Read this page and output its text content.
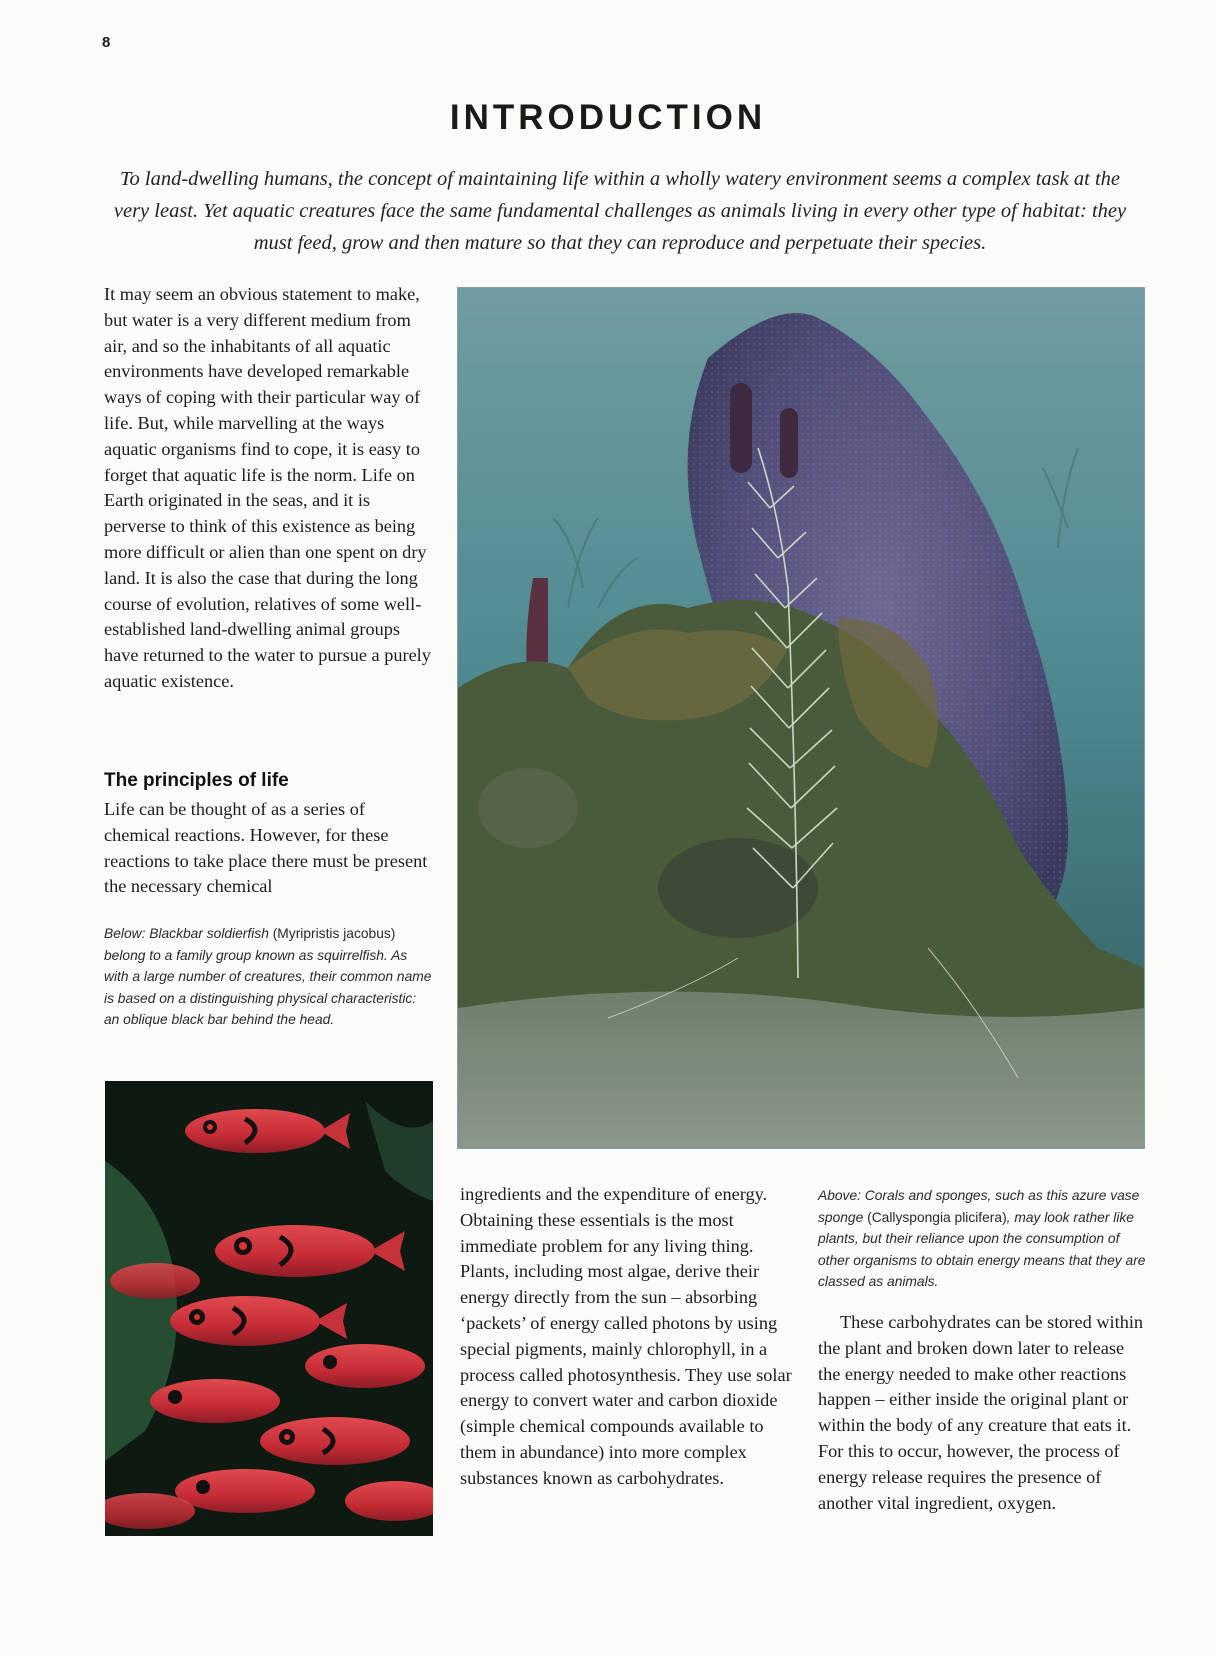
8
INTRODUCTION
To land-dwelling humans, the concept of maintaining life within a wholly watery environment seems a complex task at the very least. Yet aquatic creatures face the same fundamental challenges as animals living in every other type of habitat: they must feed, grow and then mature so that they can reproduce and perpetuate their species.
It may seem an obvious statement to make, but water is a very different medium from air, and so the inhabitants of all aquatic environments have developed remarkable ways of coping with their particular way of life. But, while marvelling at the ways aquatic organisms find to cope, it is easy to forget that aquatic life is the norm. Life on Earth originated in the seas, and it is perverse to think of this existence as being more difficult or alien than one spent on dry land. It is also the case that during the long course of evolution, relatives of some well-established land-dwelling animal groups have returned to the water to pursue a purely aquatic existence.
The principles of life
Life can be thought of as a series of chemical reactions. However, for these reactions to take place there must be present the necessary chemical
Below: Blackbar soldierfish (Myripristis jacobus) belong to a family group known as squirrelfish. As with a large number of creatures, their common name is based on a distinguishing physical characteristic: an oblique black bar behind the head.
ingredients and the expenditure of energy. Obtaining these essentials is the most immediate problem for any living thing. Plants, including most algae, derive their energy directly from the sun – absorbing ‘packets’ of energy called photons by using special pigments, mainly chlorophyll, in a process called photosynthesis. They use solar energy to convert water and carbon dioxide (simple chemical compounds available to them in abundance) into more complex substances known as carbohydrates.
Above: Corals and sponges, such as this azure vase sponge (Callyspongia plicifera), may look rather like plants, but their reliance upon the consumption of other organisms to obtain energy means that they are classed as animals.

These carbohydrates can be stored within the plant and broken down later to release the energy needed to make other reactions happen – either inside the original plant or within the body of any creature that eats it. For this to occur, however, the process of energy release requires the presence of another vital ingredient, oxygen.
